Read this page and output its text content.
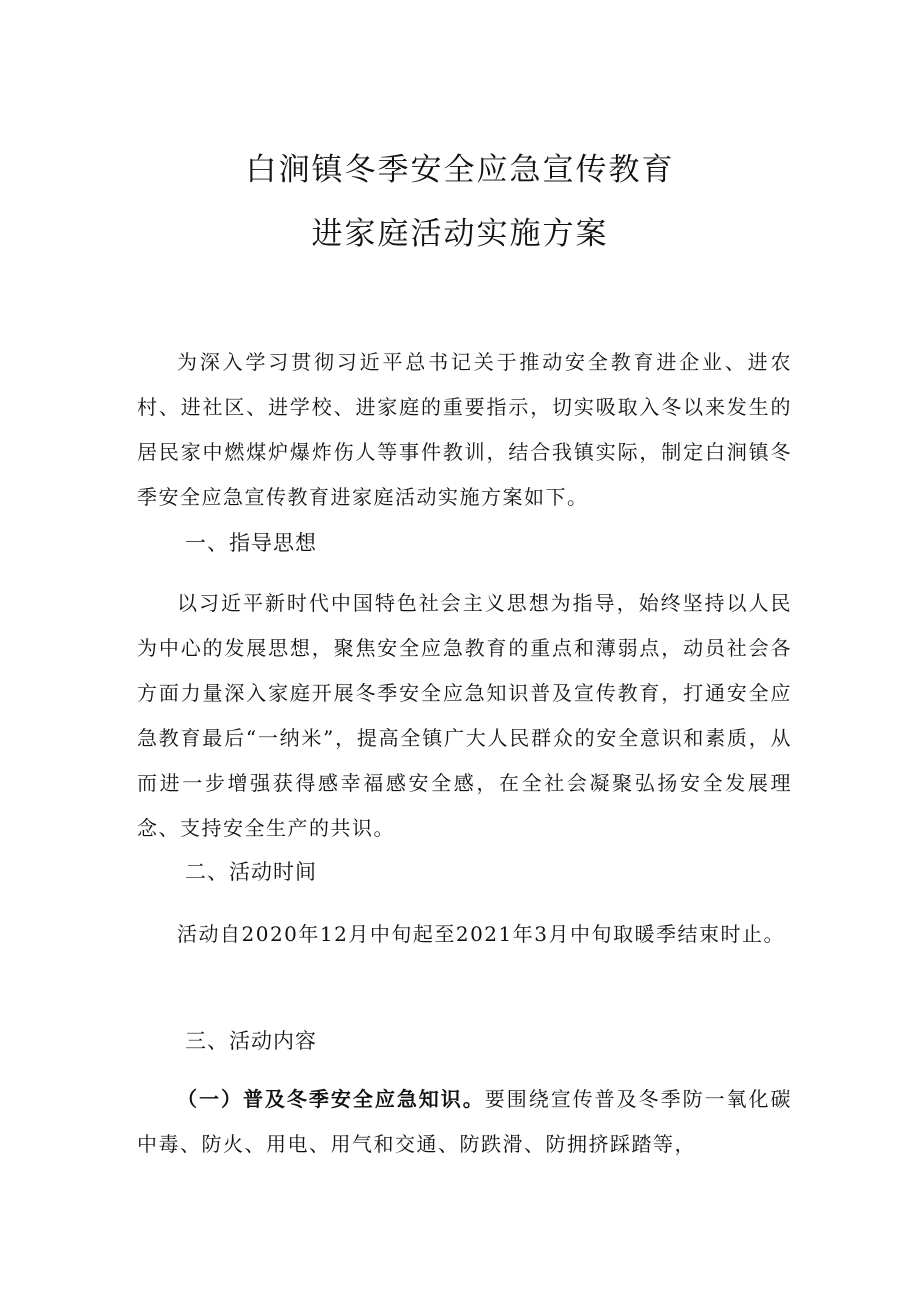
白涧镇冬季安全应急宣传教育
进家庭活动实施方案

为深入学习贯彻习近平总书记关于推动安全教育进企业、进农村、进社区、进学校、进家庭的重要指示，切实吸取入冬以来发生的居民家中燃煤炉爆炸伤人等事件教训，结合我镇实际，制定白涧镇冬季安全应急宣传教育进家庭活动实施方案如下。

一、指导思想

以习近平新时代中国特色社会主义思想为指导，始终坚持以人民为中心的发展思想，聚焦安全应急教育的重点和薄弱点，动员社会各方面力量深入家庭开展冬季安全应急知识普及宣传教育，打通安全应急教育最后“一纳米”，提高全镇广大人民群众的安全意识和素质，从而进一步增强获得感幸福感安全感，在全社会凝聚弘扬安全发展理念、支持安全生产的共识。

二、活动时间

活动自2020年12月中旬起至2021年3月中旬取暖季结束时止。

三、活动内容

（一）普及冬季安全应急知识。要围绕宣传普及冬季防一氧化碳中毒、防火、用电、用气和交通、防跌滑、防拥挤踩踏等，
